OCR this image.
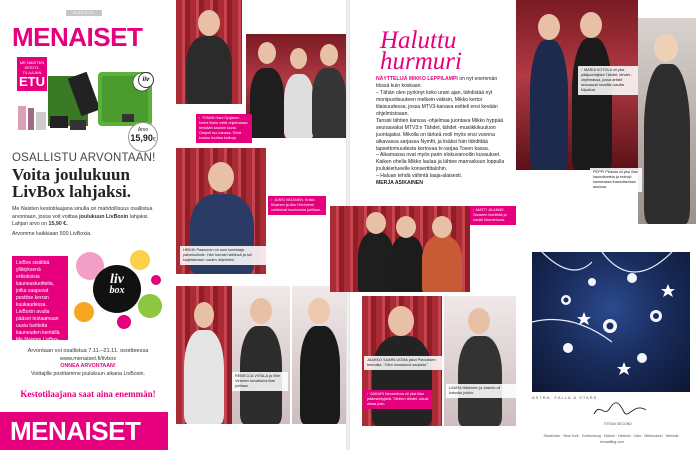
SUOSIO
MENAISET
ME NAISTEN
KESTO-
TILAAJAN
ETU	liv
Arvo
15,90€
OSALLISTU ARVONTAAN!
Voita joulukuun LivBox lahjaksi.
Me Naisten kestotilaajana sinulla on mahdollisuus osallistua arvontaan, jossa voit voittaa joulukuun LivBoxin lahjaksi. Lahjan arvo on 15,90 €.
Arvomme kaikkiaan 500 LivBoxia.
LivBox sisältää yllätyksenä erikokoisia kauneustuotteita, jotka saapuvat postitse kerran kuukaudessa. LivBoxin avulla pääset testaamaan uusia tuotteita kauneuden kentällä. Me Naisten LivBox-lahjan lunastamalla et sitoudu kuukausitilaaseen vielä.
liv
box
Arvontaan voi osallistua 7.11.–21.11. osoitteessa www.menaiset.fi/livbox
ONNEA ARVONTAAN!
Voittajille postitamme joulukuun aikana LivBoxin.
Kestotilaajana saat aina enemmän!
MENAISET
↑ TOMMI Hani Syrjänen kertoi Ilkein miltä ohjelmassa tehdään kauniin kuvia. Ompeli tuo kanssa. Siinä kuuluu tuottaa kaikuja.
HEIKKI Paasonen on uusi somistaja palveluoliolle. Hän hurrasi häihinsä ja tuli kuljettamaan uusien ohjelmien.
↑ JUSSI VATANEN. Kristo Kivanen ja Aku Hirviniemi vaihtoivat kuulumisia juhlissa.
REBECCA VIITALA ja Ville Virtanen kuvattuina illan juhlissa.
↑ MATTI JA ANNE. Saranen ilmiöttää ja nauttii illanvietosta.
JAAKKO SAARILUOMA jakoi Putouksen teemalla. "Olen innostunut sarjasta."
↑ SAKARI Nevanlinna oli yksi illan pääesiintyjistä. Tähtien tähdet -kausi alkaa pian.
LAURA Häkkinen ja Jasmin oli kutsuttu juhliin.
↑ MARIA KOTOLA oli yksi pääjuontajista Tähdet, tähdet -ohjelmassa, jossa artistit seuraavat musiikin kautta kilpailua.
PEPPI Pihkala oli yksi illan kaunottarista ja esiintyi kamerassa ihastuttavissa asuissa.
Haluttu hurmuri

NÄYTTELIJÄ MIKKO LEPPILAMPI on nyt enemmän töissä kuin koskaan.

– Tähän olen pyrkinyt koko urani ajan, tähdistää nyt monipuolisuuteen melkein väkisin, Mikko kertoi tilaisuudessa, jossa MTV3-kanava esitteli ensi kevään ohjelmistoaan.

Tanssii tähtien kanssa -ohjelmaa juontava Mikko hyppää seuraavaksi MTV3:n Tähdet, tähdet -musiikkikuuluon juontajaksi. Mikolla on tärkeä rooli myös ensi vuonna alkavassa sarjassa Nymfit, ja lisäksi hän tähdittää lapsettomuudesta kertovaa tv-sarjaa Tosen kassa.

– Aikamassa ovat myös parin elokuvarooliin kuvaukset.

Kaiken ohella Mikko laulaa ja lähtee marraskuun loppulla joulukiertueelle konserttitalohin.

– Haluan tehdä vähintä laaja-alaisesti.

MERJA ASIKAINEN

ASTRA, FALLA & STARS
ETEAN SECOND
Stockholm · New York · Gothenburg · Malmö · Helsinki · Oslo · Miltonslund · Helsinki · efvaattling.com
